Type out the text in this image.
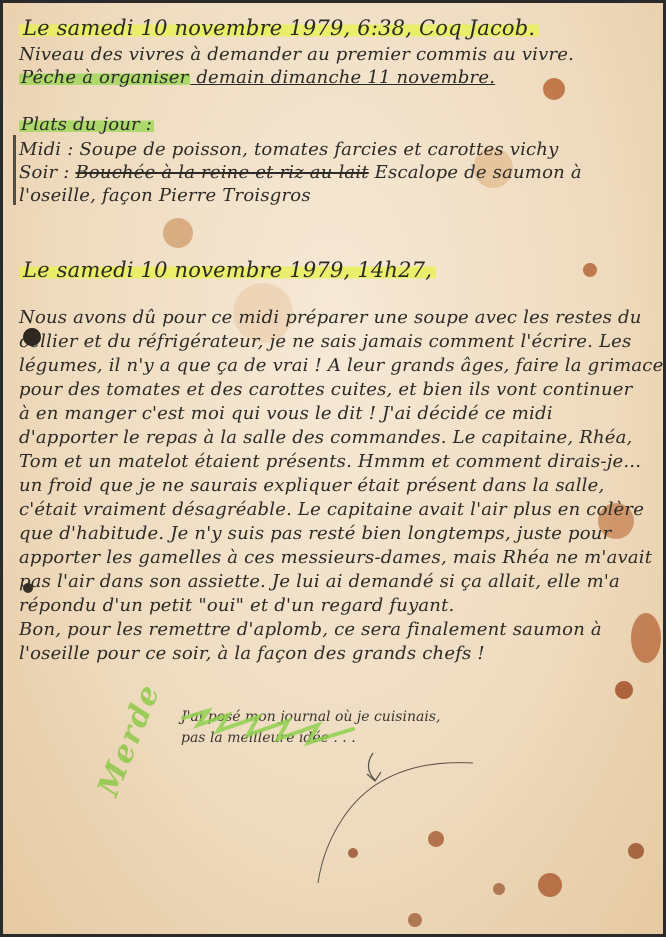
Le samedi 10 novembre 1979, 6:38, Coq Jacob.
Niveau des vivres à demander au premier commis au vivre.
Pêche à organiser demain dimanche 11 novembre.
Plats du jour :
Midi : Soupe de poisson, tomates farcies et carottes vichy
Soir : Bouchée à la reine et riz au lait Escalope de saumon à
l'oseille, façon Pierre Troisgros
Le samedi 10 novembre 1979, 14h27,
Nous avons dû pour ce midi préparer une soupe avec les restes du
cellier et du réfrigérateur, je ne sais jamais comment l'écrire. Les
légumes, il n'y a que ça de vrai ! A leur grands âges, faire la grimace
pour des tomates et des carottes cuites, et bien ils vont continuer
à en manger c'est moi qui vous le dit ! J'ai décidé ce midi
d'apporter le repas à la salle des commandes. Le capitaine, Rhéa,
Tom et un matelot étaient présents. Hmmm et comment dirais-je...
un froid que je ne saurais expliquer était présent dans la salle,
c'était vraiment désagréable. Le capitaine avait l'air plus en colère
que d'habitude. Je n'y suis pas resté bien longtemps, juste pour
apporter les gamelles à ces messieurs-dames, mais Rhéa ne m'avait
pas l'air dans son assiette. Je lui ai demandé si ça allait, elle m'a
répondu d'un petit "oui" et d'un regard fuyant.
Bon, pour les remettre d'aplomb, ce sera finalement saumon à
l'oseille pour ce soir, à la façon des grands chefs !
J'ai posé mon journal où je cuisinais,
pas la meilleure idée . . .
Merde
